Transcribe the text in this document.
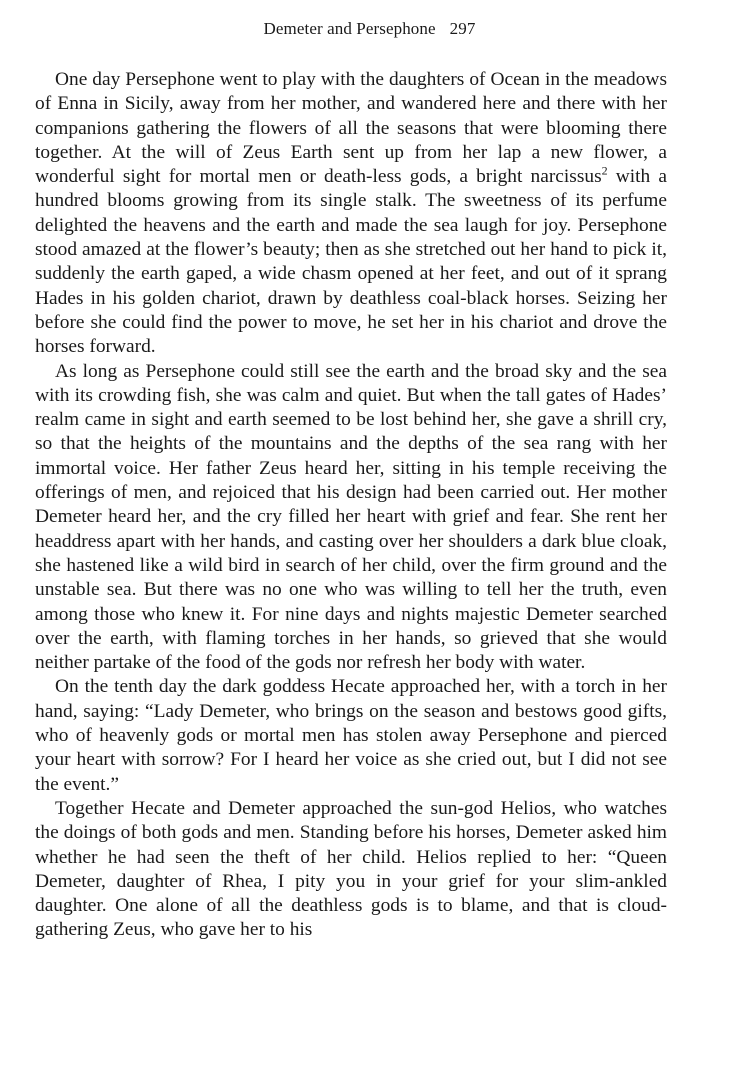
Demeter and Persephone 297

One day Persephone went to play with the daughters of Ocean in the meadows of Enna in Sicily, away from her mother, and wandered here and there with her companions gathering the flowers of all the seasons that were blooming there together. At the will of Zeus Earth sent up from her lap a new flower, a wonderful sight for mortal men or death-less gods, a bright narcissus$^2$ with a hundred blooms growing from its single stalk. The sweetness of its perfume delighted the heavens and the earth and made the sea laugh for joy. Persephone stood amazed at the flower’s beauty; then as she stretched out her hand to pick it, suddenly the earth gaped, a wide chasm opened at her feet, and out of it sprang Hades in his golden chariot, drawn by deathless coal-black horses. Seizing her before she could find the power to move, he set her in his chariot and drove the horses forward.

As long as Persephone could still see the earth and the broad sky and the sea with its crowding fish, she was calm and quiet. But when the tall gates of Hades’ realm came in sight and earth seemed to be lost behind her, she gave a shrill cry, so that the heights of the mountains and the depths of the sea rang with her immortal voice. Her father Zeus heard her, sitting in his temple receiving the offerings of men, and rejoiced that his design had been carried out. Her mother Demeter heard her, and the cry filled her heart with grief and fear. She rent her headdress apart with her hands, and casting over her shoulders a dark blue cloak, she hastened like a wild bird in search of her child, over the firm ground and the unstable sea. But there was no one who was willing to tell her the truth, even among those who knew it. For nine days and nights majestic Demeter searched over the earth, with flaming torches in her hands, so grieved that she would neither partake of the food of the gods nor refresh her body with water.

On the tenth day the dark goddess Hecate approached her, with a torch in her hand, saying: “Lady Demeter, who brings on the season and bestows good gifts, who of heavenly gods or mortal men has stolen away Persephone and pierced your heart with sorrow? For I heard her voice as she cried out, but I did not see the event.”

Together Hecate and Demeter approached the sun-god Helios, who watches the doings of both gods and men. Standing before his horses, Demeter asked him whether he had seen the theft of her child. Helios replied to her: “Queen Demeter, daughter of Rhea, I pity you in your grief for your slim-ankled daughter. One alone of all the deathless gods is to blame, and that is cloud-gathering Zeus, who gave her to his
